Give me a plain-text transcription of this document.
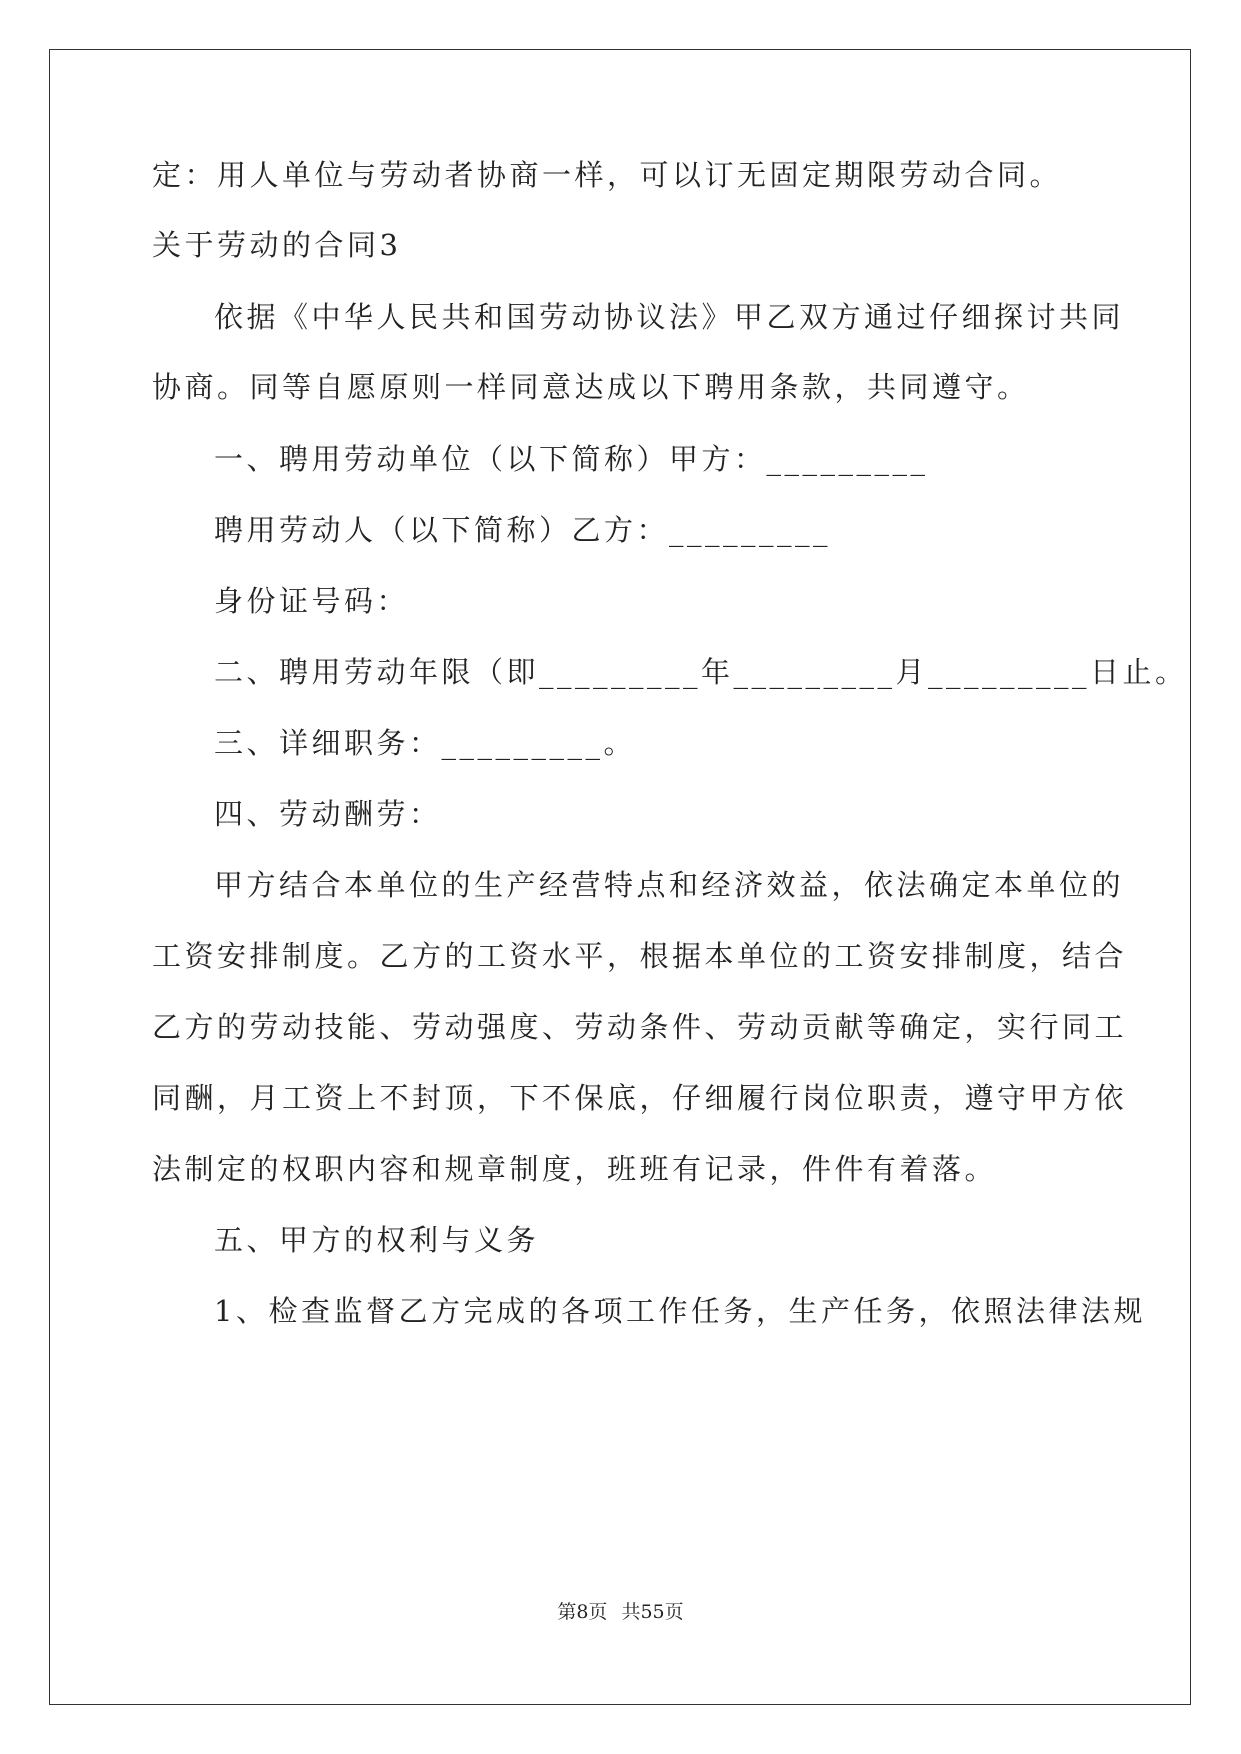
定：用人单位与劳动者协商一样，可以订无固定期限劳动合同。
关于劳动的合同3
依据《中华人民共和国劳动协议法》甲乙双方通过仔细探讨共同
协商。同等自愿原则一样同意达成以下聘用条款，共同遵守。
一、聘用劳动单位（以下简称）甲方：_________
聘用劳动人（以下简称）乙方：_________
身份证号码：
二、聘用劳动年限（即_________年_________月_________日止。
三、详细职务：_________。
四、劳动酬劳：
甲方结合本单位的生产经营特点和经济效益，依法确定本单位的
工资安排制度。乙方的工资水平，根据本单位的工资安排制度，结合
乙方的劳动技能、劳动强度、劳动条件、劳动贡献等确定，实行同工
同酬，月工资上不封顶，下不保底，仔细履行岗位职责，遵守甲方依
法制定的权职内容和规章制度，班班有记录，件件有着落。
五、甲方的权利与义务
1、检查监督乙方完成的各项工作任务，生产任务，依照法律法规
第8页 共55页
